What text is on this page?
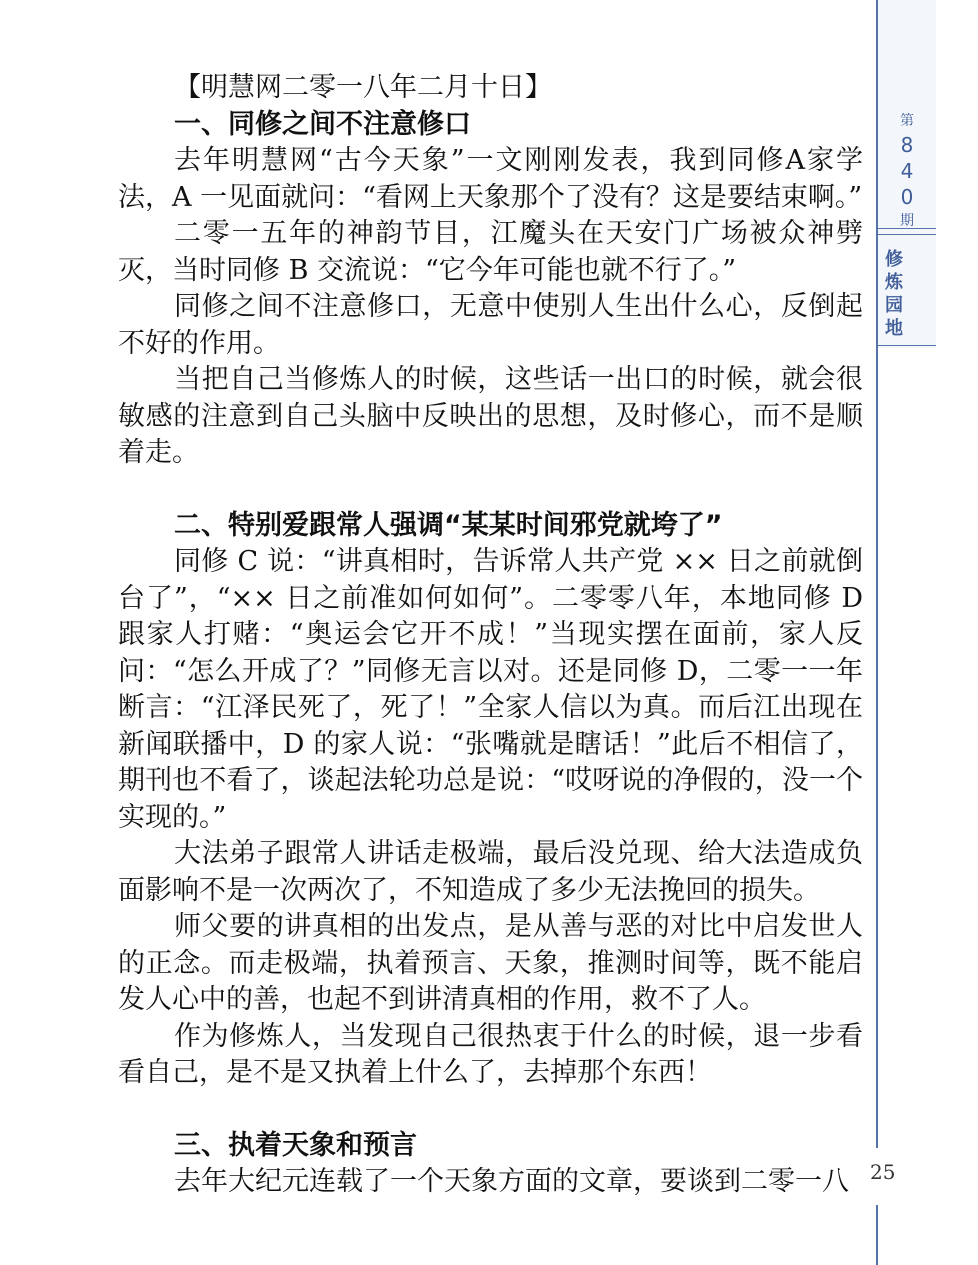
第
8
4
0
期
修
炼
园
地
25

【明慧网二零一八年二月十日】

一、同修之间不注意修口

去年明慧网“古今天象”一文刚刚发表，我到同修A家学法，A 一见面就问：“看网上天象那个了没有？这是要结束啊。”

二零一五年的神韵节目，江魔头在天安门广场被众神劈灭，当时同修 B 交流说：“它今年可能也就不行了。”

同修之间不注意修口，无意中使别人生出什么心，反倒起不好的作用。

当把自己当修炼人的时候，这些话一出口的时候，就会很敏感的注意到自己头脑中反映出的思想，及时修心，而不是顺着走。

二、特别爱跟常人强调“某某时间邪党就垮了”

同修 C 说：“讲真相时，告诉常人共产党 ×× 日之前就倒台了”，“×× 日之前准如何如何”。二零零八年，本地同修 D 跟家人打赌：“奥运会它开不成！”当现实摆在面前，家人反问：“怎么开成了？”同修无言以对。还是同修 D，二零一一年断言：“江泽民死了，死了！”全家人信以为真。而后江出现在新闻联播中，D 的家人说：“张嘴就是瞎话！”此后不相信了，期刊也不看了，谈起法轮功总是说：“哎呀说的净假的，没一个实现的。”

大法弟子跟常人讲话走极端，最后没兑现、给大法造成负面影响不是一次两次了，不知造成了多少无法挽回的损失。

师父要的讲真相的出发点，是从善与恶的对比中启发世人的正念。而走极端，执着预言、天象，推测时间等，既不能启发人心中的善，也起不到讲清真相的作用，救不了人。

作为修炼人，当发现自己很热衷于什么的时候，退一步看看自己，是不是又执着上什么了，去掉那个东西！

三、执着天象和预言

去年大纪元连载了一个天象方面的文章，要谈到二零一八
